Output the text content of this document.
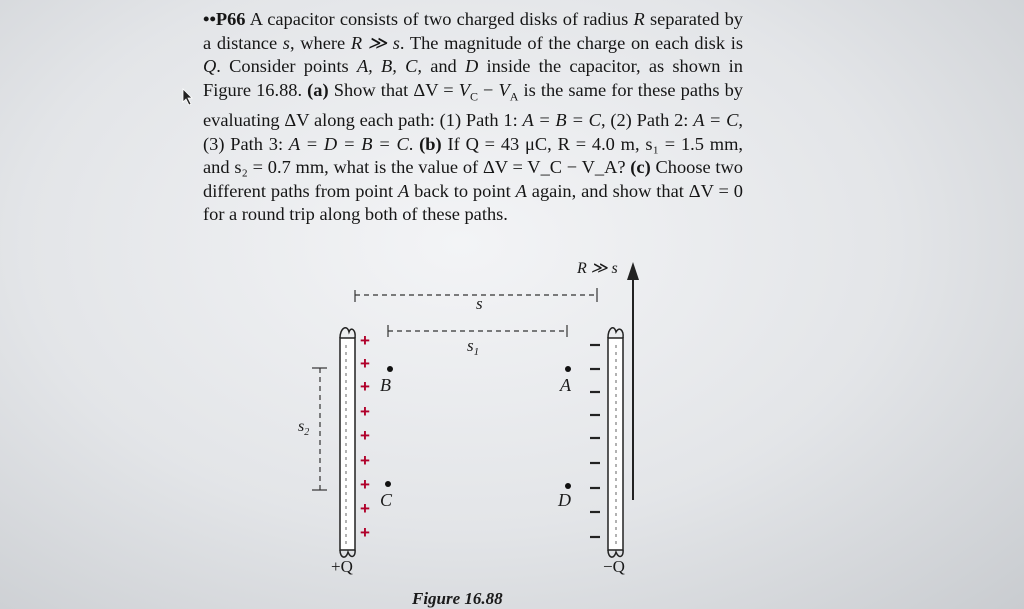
••P66 A capacitor consists of two charged disks of radius R separated by a distance s, where R ≫ s. The magnitude of the charge on each disk is Q. Consider points A, B, C, and D inside the capacitor, as shown in Figure 16.88. (a) Show that $\Delta V = V_C - V_A$ is the same for these paths by evaluating ΔV along each path: (1) Path 1: A = B = C, (2) Path 2: A = C, (3) Path 3: A = D = B = C. (b) If Q = 43 μC, R = 4.0 m, s₁ = 1.5 mm, and s₂ = 0.7 mm, what is the value of ΔV = V_C − V_A? (c) Choose two different paths from point A back to point A again, and show that ΔV = 0 for a round trip along both of these paths.
s
$s_1$
$s_2$
R ≫ s
+
+
+
+
+
+
+
+
+
B	A
C	D
+Q	−Q
Figure 16.88
